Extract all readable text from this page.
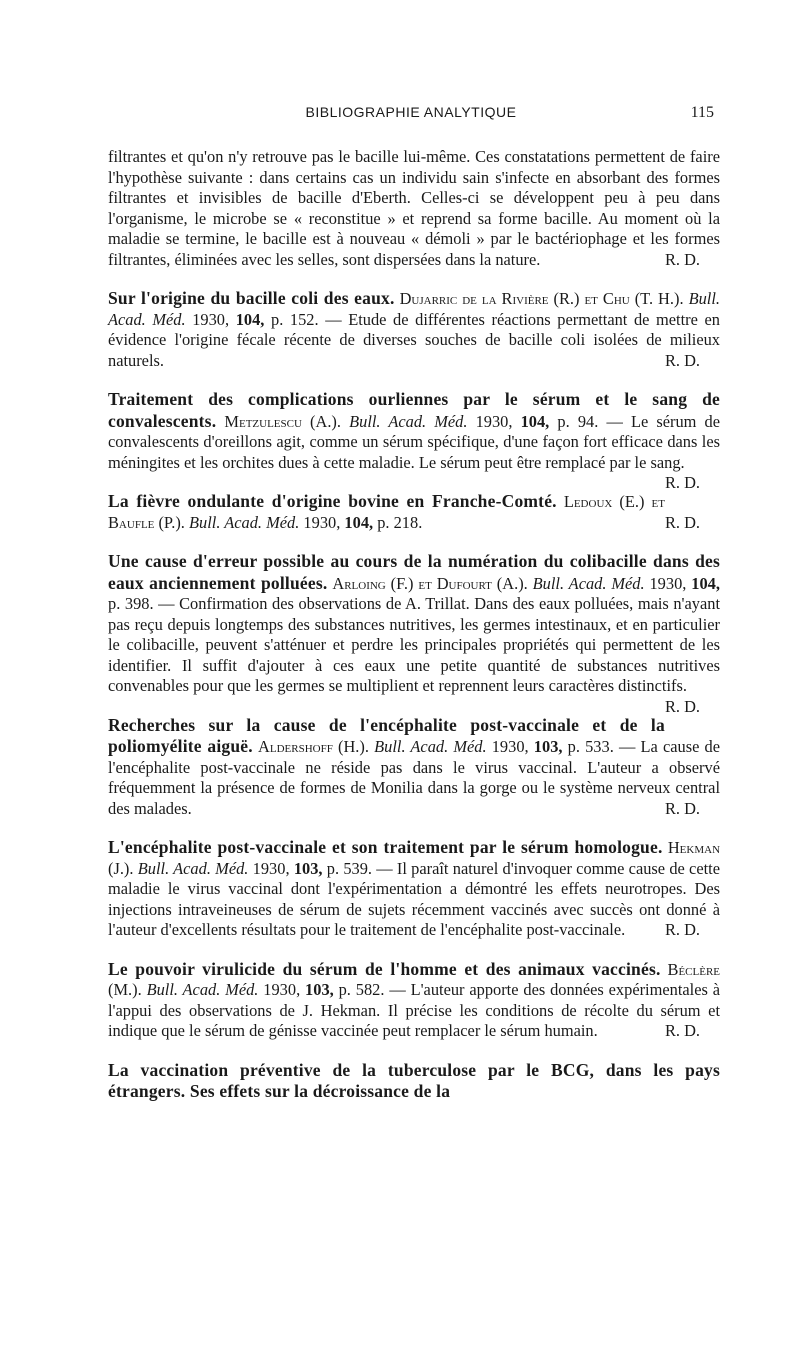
BIBLIOGRAPHIE ANALYTIQUE	115

filtrantes et qu'on n'y retrouve pas le bacille lui-même. Ces constatations permettent de faire l'hypothèse suivante : dans certains cas un individu sain s'infecte en absorbant des formes filtrantes et invisibles de bacille d'Eberth. Celles-ci se développent peu à peu dans l'organisme, le microbe se « reconstitue » et reprend sa forme bacille. Au moment où la maladie se termine, le bacille est à nouveau « démoli » par le bactériophage et les formes filtrantes, éliminées avec les selles, sont dispersées dans la nature.	R. D.

Sur l'origine du bacille coli des eaux. Dujarric de la Rivière (R.) et Chu (T. H.). Bull. Acad. Méd. 1930, 104, p. 152. — Etude de différentes réactions permettant de mettre en évidence l'origine fécale récente de diverses souches de bacille coli isolées de milieux naturels.	R. D.

Traitement des complications ourliennes par le sérum et le sang de convalescents. Metzulescu (A.). Bull. Acad. Méd. 1930, 104, p. 94. — Le sérum de convalescents d'oreillons agit, comme un sérum spécifique, d'une façon fort efficace dans les méningites et les orchites dues à cette maladie. Le sérum peut être remplacé par le sang.
R. D.

La fièvre ondulante d'origine bovine en Franche-Comté. Ledoux (E.) et Baufle (P.). Bull. Acad. Méd. 1930, 104, p. 218.	R. D.

Une cause d'erreur possible au cours de la numération du colibacille dans des eaux anciennement polluées. Arloing (F.) et Dufourt (A.). Bull. Acad. Méd. 1930, 104, p. 398. — Confirmation des observations de A. Trillat. Dans des eaux polluées, mais n'ayant pas reçu depuis longtemps des substances nutritives, les germes intestinaux, et en particulier le colibacille, peuvent s'atténuer et perdre les principales propriétés qui permettent de les identifier. Il suffit d'ajouter à ces eaux une petite quantité de substances nutritives convenables pour que les germes se multiplient et reprennent leurs caractères distinctifs.
R. D.

Recherches sur la cause de l'encéphalite post-vaccinale et de la poliomyélite aiguë. Aldershoff (H.). Bull. Acad. Méd. 1930, 103, p. 533. — La cause de l'encéphalite post-vaccinale ne réside pas dans le virus vaccinal. L'auteur a observé fréquemment la présence de formes de Monilia dans la gorge ou le système nerveux central des malades.	R. D.

L'encéphalite post-vaccinale et son traitement par le sérum homologue. Hekman (J.). Bull. Acad. Méd. 1930, 103, p. 539. — Il paraît naturel d'invoquer comme cause de cette maladie le virus vaccinal dont l'expérimentation a démontré les effets neurotropes. Des injections intraveineuses de sérum de sujets récemment vaccinés avec succès ont donné à l'auteur d'excellents résultats pour le traitement de l'encéphalite post-vaccinale. R. D.

Le pouvoir virulicide du sérum de l'homme et des animaux vaccinés. Béclère (M.). Bull. Acad. Méd. 1930, 103, p. 582. — L'auteur apporte des données expérimentales à l'appui des observations de J. Hekman. Il précise les conditions de récolte du sérum et indique que le sérum de génisse vaccinée peut remplacer le sérum humain.	R. D.

La vaccination préventive de la tuberculose par le BCG, dans les pays étrangers. Ses effets sur la décroissance de la
